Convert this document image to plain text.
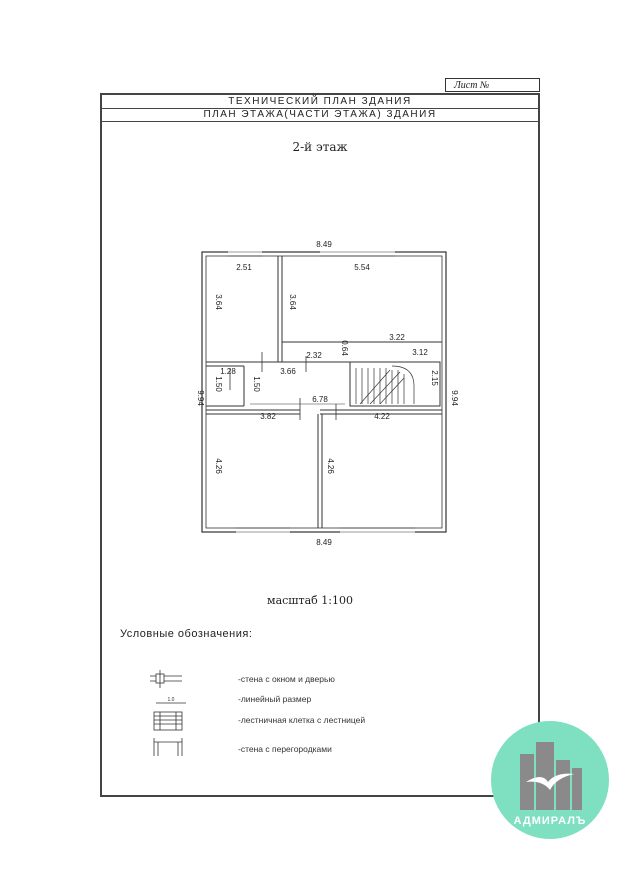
Лист №
ТЕХНИЧЕСКИЙ ПЛАН ЗДАНИЯ
ПЛАН ЭТАЖА(ЧАСТИ ЭТАЖА) ЗДАНИЯ
2-й этаж
8.49
8.49
9.94	9.94
2.51
3.64
5.54
3.64
2.32 0.64
3.22
3.12
2.15
1.28
1.50	1.50
3.66
6.78
3.82
4.26
4.22
4.26
1.0
масштаб 1:100
Условные обозначения:
-стена с окном и дверью
-линейный размер
-лестничная клетка с лестницей
-стена с перегородками
АДМИРАЛЪ
